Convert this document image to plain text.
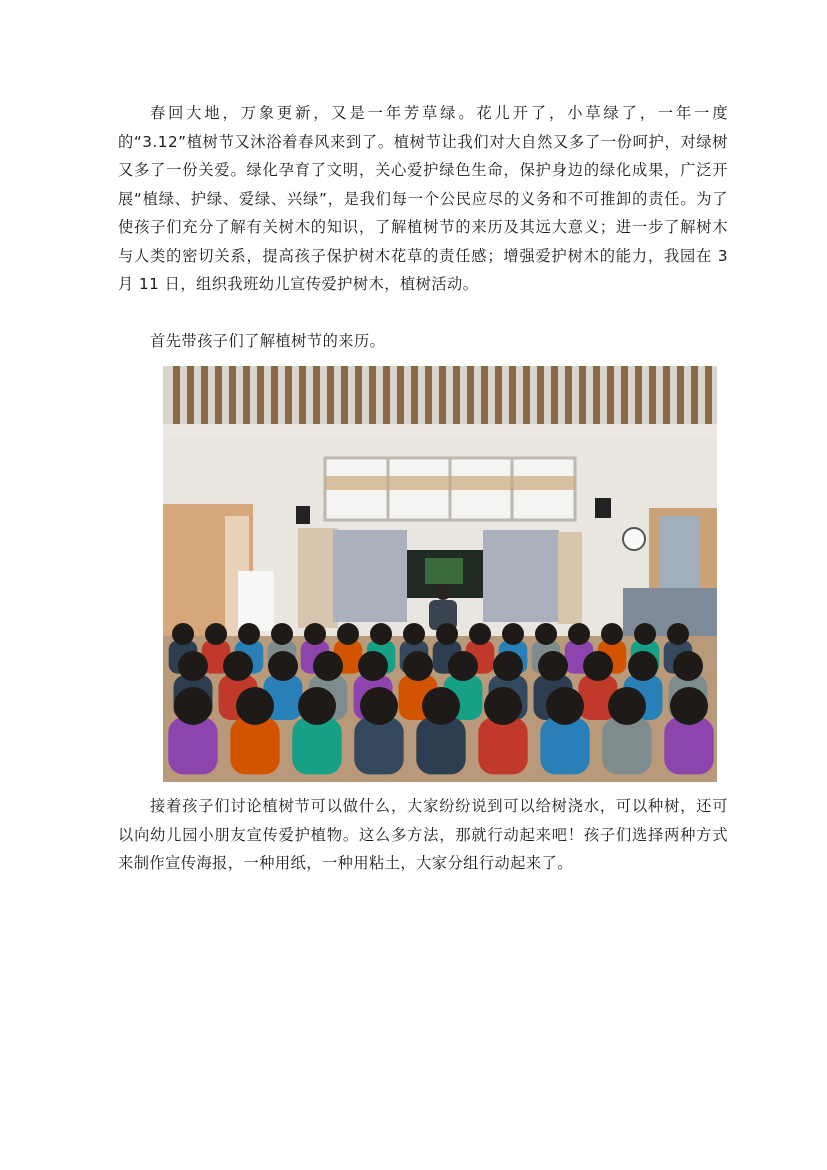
春回大地，万象更新，又是一年芳草绿。花儿开了，小草绿了，一年一度的“3.12”植树节又沐浴着春风来到了。植树节让我们对大自然又多了一份呵护，对绿树又多了一份关爱。绿化孕育了文明，关心爱护绿色生命，保护身边的绿化成果，广泛开展“植绿、护绿、爱绿、兴绿”，是我们每一个公民应尽的义务和不可推卸的责任。为了使孩子们充分了解有关树木的知识，了解植树节的来历及其远大意义；进一步了解树木与人类的密切关系，提高孩子保护树木花草的责任感；增强爱护树木的能力，我园在 3 月 11 日，组织我班幼儿宣传爱护树木，植树活动。

首先带孩子们了解植树节的来历。

接着孩子们讨论植树节可以做什么，大家纷纷说到可以给树浇水，可以种树，还可以向幼儿园小朋友宣传爱护植物。这么多方法，那就行动起来吧！孩子们选择两种方式来制作宣传海报，一种用纸，一种用粘土，大家分组行动起来了。
